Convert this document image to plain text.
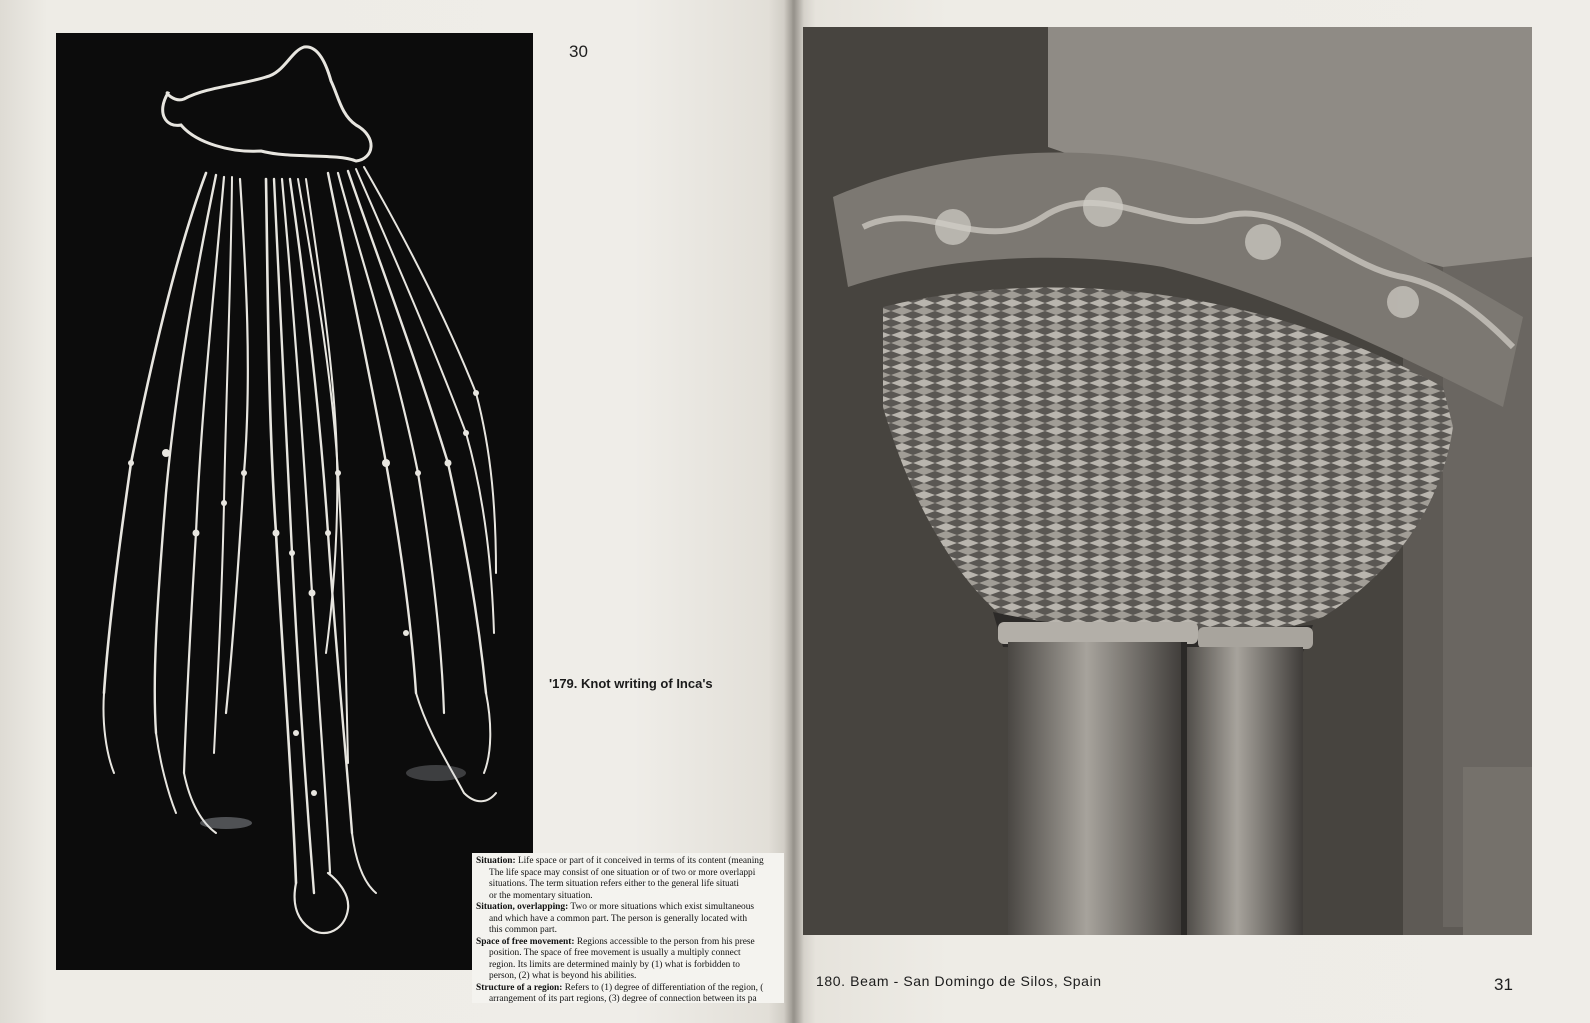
30
'179. Knot writing of Inca's
Situation: Life space or part of it conceived in terms of its content (meaning
The life space may consist of one situation or of two or more overlappi
situations. The term situation refers either to the general life situati
or the momentary situation.
Situation, overlapping: Two or more situations which exist simultaneous
and which have a common part. The person is generally located with
this common part.
Space of free movement: Regions accessible to the person from his prese
position. The space of free movement is usually a multiply connect
region. Its limits are determined mainly by (1) what is forbidden to
person, (2) what is beyond his abilities.
Structure of a region: Refers to (1) degree of differentiation of the region, (
arrangement of its part regions, (3) degree of connection between its pa
180. Beam - San Domingo de Silos, Spain	31
